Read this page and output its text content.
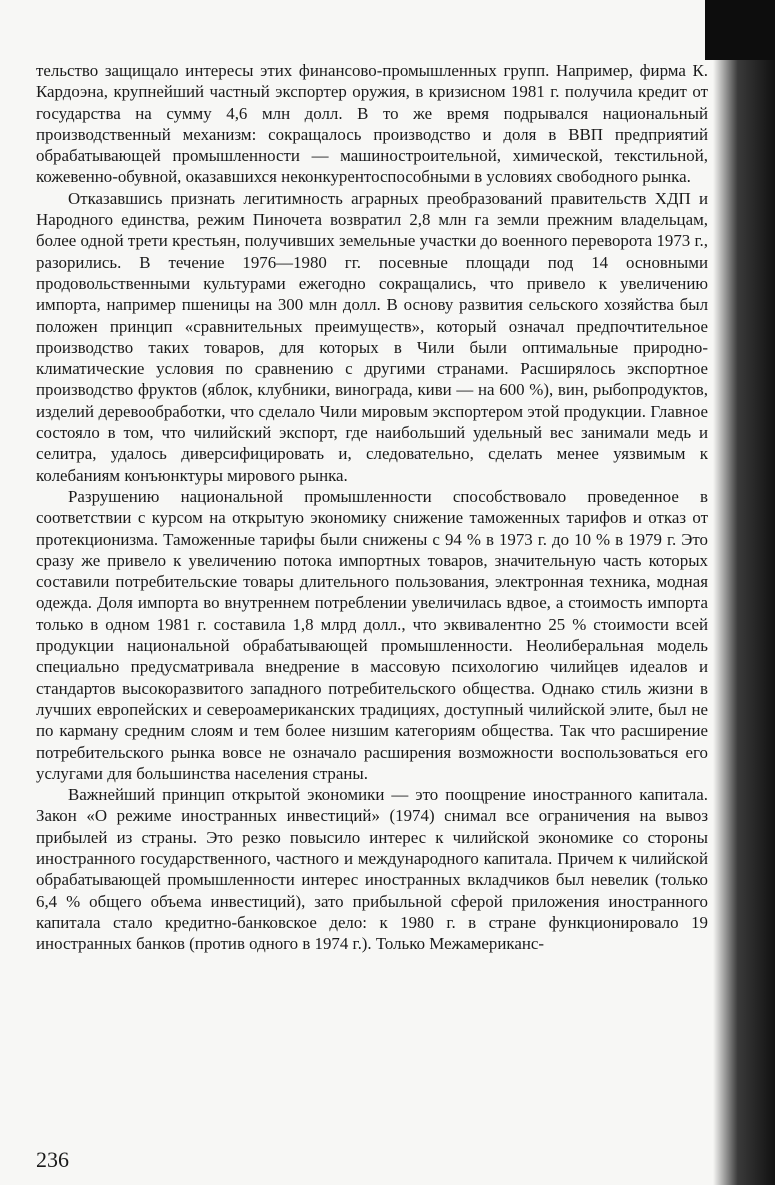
тельство защищало интересы этих финансово-промышленных групп. Например, фирма К. Кардоэна, крупнейший частный экспортер оружия, в кризисном 1981 г. получила кредит от государства на сумму 4,6 млн долл. В то же время подрывался национальный производственный механизм: сокращалось производство и доля в ВВП предприятий обрабатывающей промышленности — машиностроительной, химической, текстильной, кожевенно-обувной, оказавшихся неконкурентоспособными в условиях свободного рынка.

Отказавшись признать легитимность аграрных преобразований правительств ХДП и Народного единства, режим Пиночета возвратил 2,8 млн га земли прежним владельцам, более одной трети крестьян, получивших земельные участки до военного переворота 1973 г., разорились. В течение 1976—1980 гг. посевные площади под 14 основными продовольственными культурами ежегодно сокращались, что привело к увеличению импорта, например пшеницы на 300 млн долл. В основу развития сельского хозяйства был положен принцип «сравнительных преимуществ», который означал предпочтительное производство таких товаров, для которых в Чили были оптимальные природно-климатические условия по сравнению с другими странами. Расширялось экспортное производство фруктов (яблок, клубники, винограда, киви — на 600 %), вин, рыбопродуктов, изделий деревообработки, что сделало Чили мировым экспортером этой продукции. Главное состояло в том, что чилийский экспорт, где наибольший удельный вес занимали медь и селитра, удалось диверсифицировать и, следовательно, сделать менее уязвимым к колебаниям конъюнктуры мирового рынка.

Разрушению национальной промышленности способствовало проведенное в соответствии с курсом на открытую экономику снижение таможенных тарифов и отказ от протекционизма. Таможенные тарифы были снижены с 94 % в 1973 г. до 10 % в 1979 г. Это сразу же привело к увеличению потока импортных товаров, значительную часть которых составили потребительские товары длительного пользования, электронная техника, модная одежда. Доля импорта во внутреннем потреблении увеличилась вдвое, а стоимость импорта только в одном 1981 г. составила 1,8 млрд долл., что эквивалентно 25 % стоимости всей продукции национальной обрабатывающей промышленности. Неолиберальная модель специально предусматривала внедрение в массовую психологию чилийцев идеалов и стандартов высокоразвитого западного потребительского общества. Однако стиль жизни в лучших европейских и североамериканских традициях, доступный чилийской элите, был не по карману средним слоям и тем более низшим категориям общества. Так что расширение потребительского рынка вовсе не означало расширения возможности воспользоваться его услугами для большинства населения страны.

Важнейший принцип открытой экономики — это поощрение иностранного капитала. Закон «О режиме иностранных инвестиций» (1974) снимал все ограничения на вывоз прибылей из страны. Это резко повысило интерес к чилийской экономике со стороны иностранного государственного, частного и международного капитала. Причем к чилийской обрабатывающей промышленности интерес иностранных вкладчиков был невелик (только 6,4 % общего объема инвестиций), зато прибыльной сферой приложения иностранного капитала стало кредитно-банковское дело: к 1980 г. в стране функционировало 19 иностранных банков (против одного в 1974 г.). Только Межамериканс-

236
